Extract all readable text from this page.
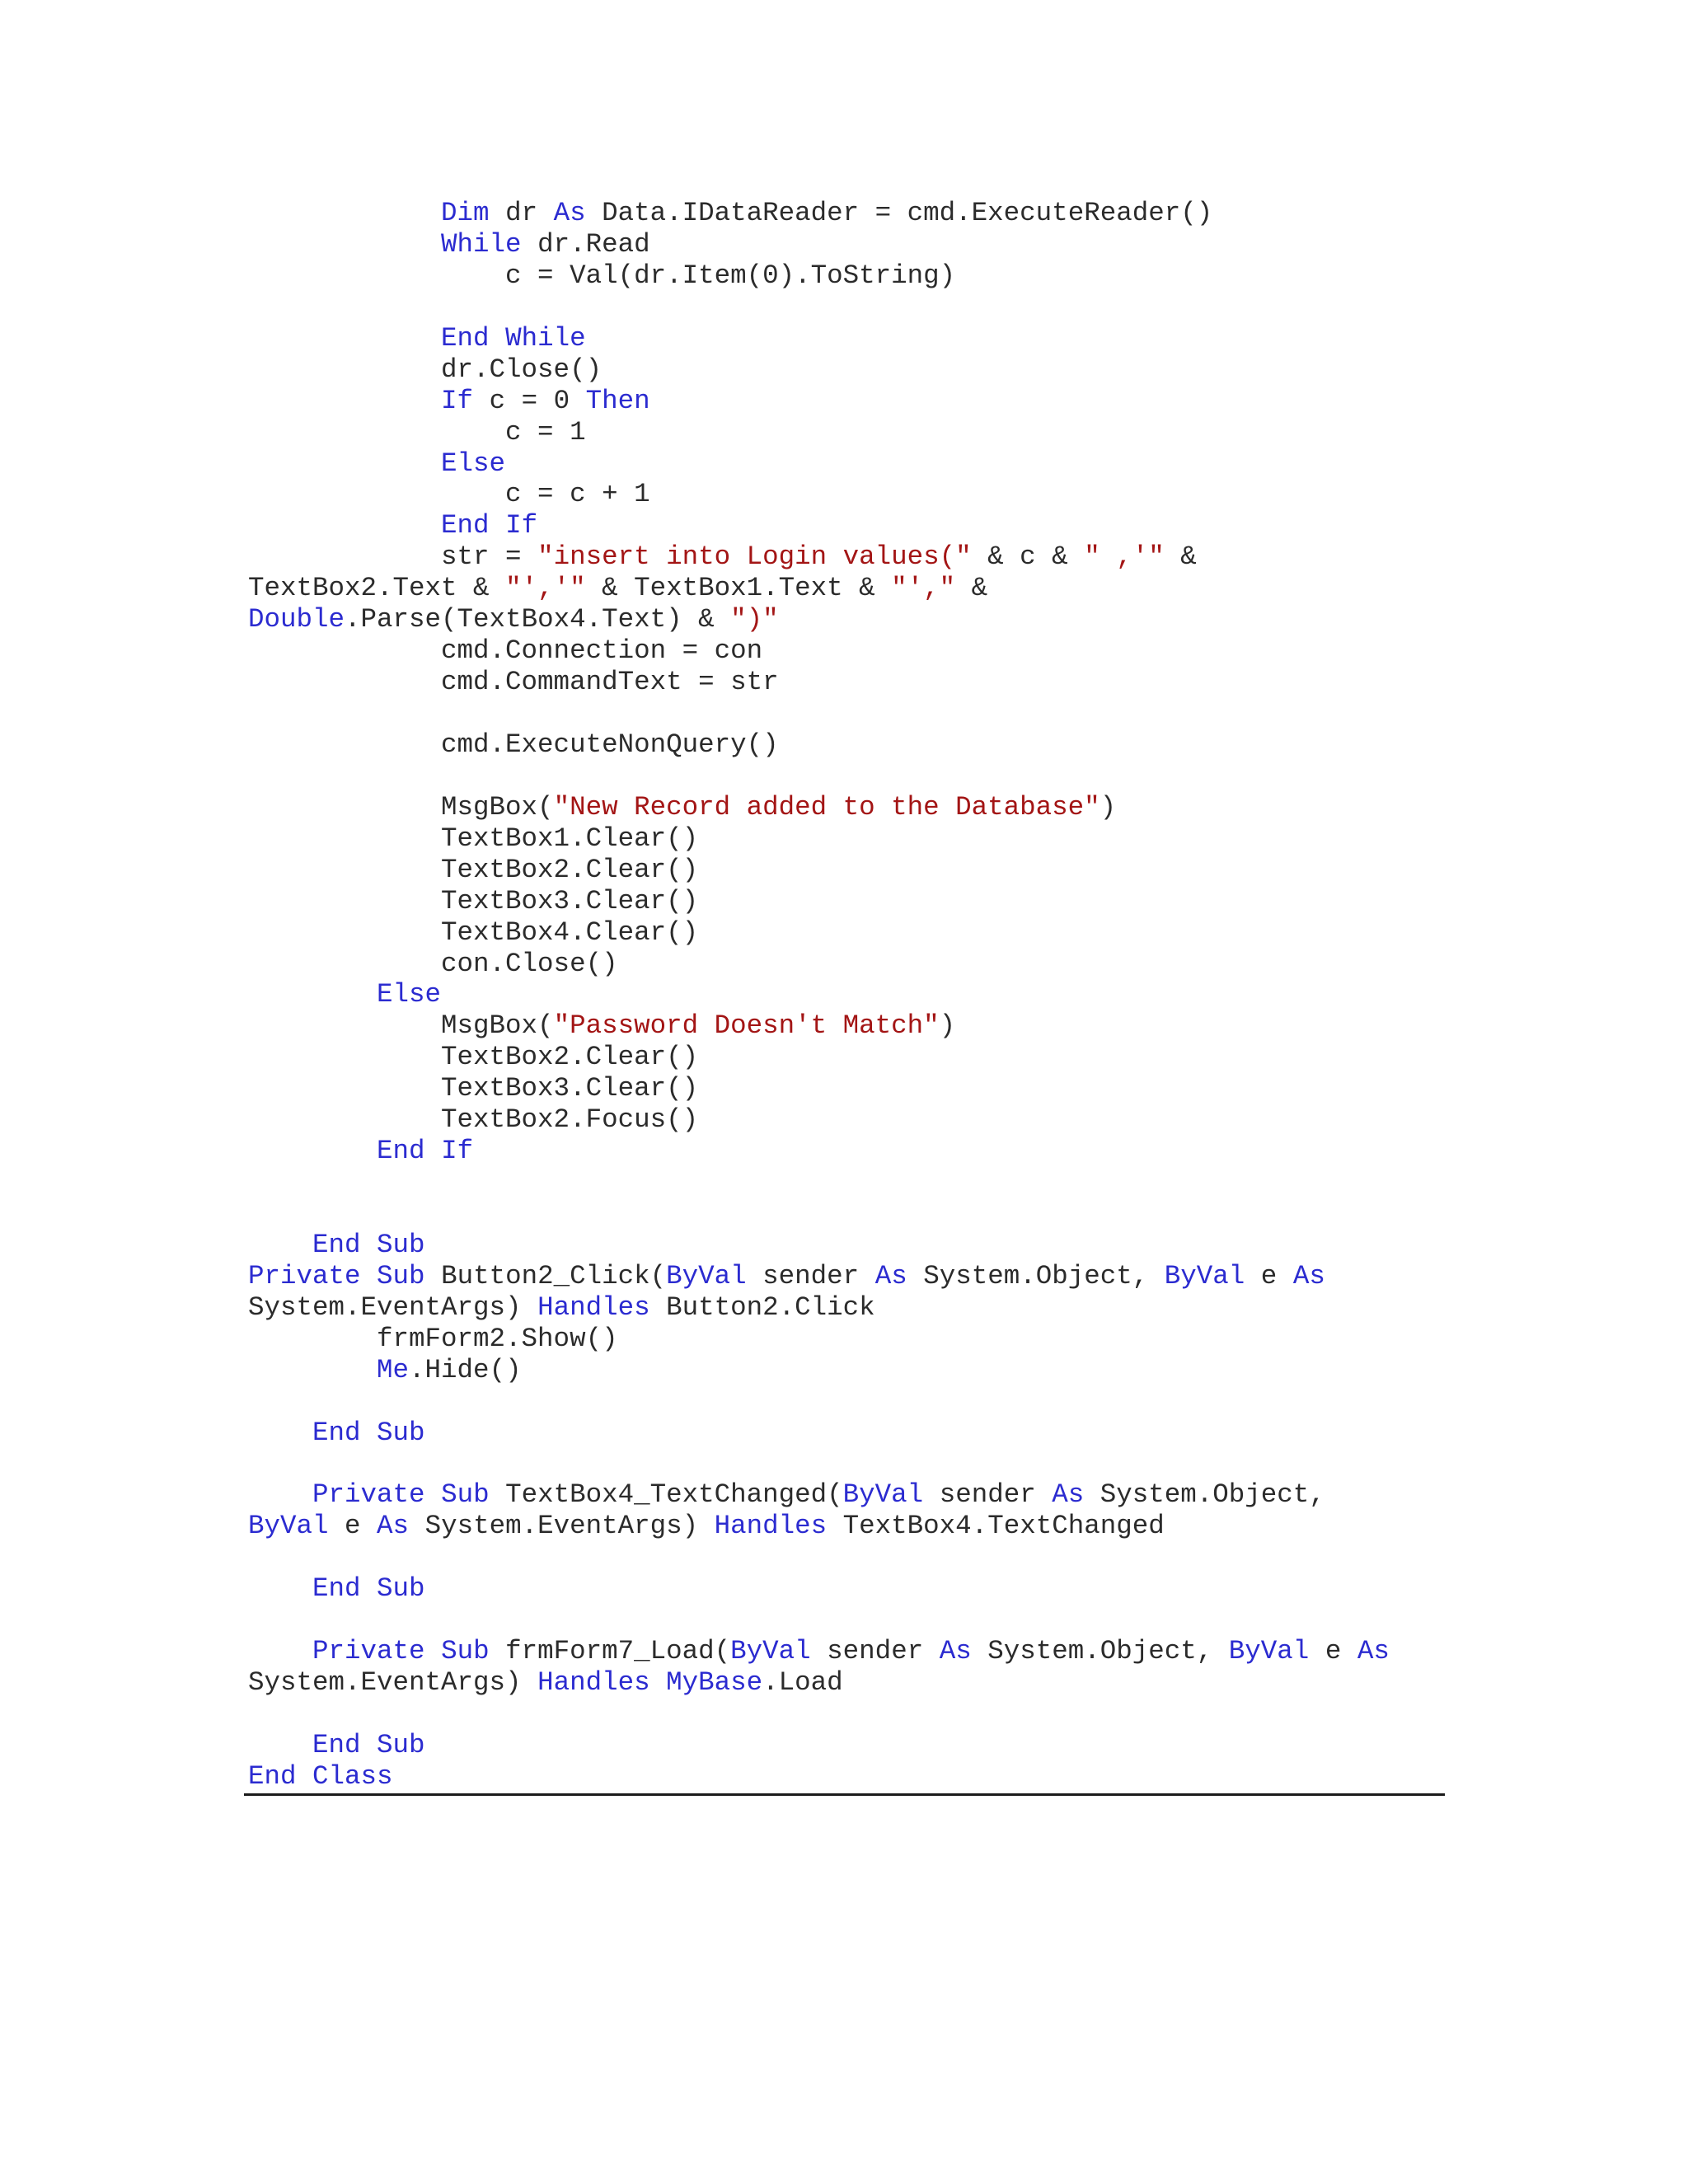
Dim dr As Data.IDataReader = cmd.ExecuteReader()
While dr.Read
c = Val(dr.Item(0).ToString)
End While
dr.Close()
If c = 0 Then
c = 1
Else
c = c + 1
End If
str = "insert into Login values(" & c & " ,'" &
TextBox2.Text & "','" & TextBox1.Text & "'," &
Double.Parse(TextBox4.Text) & ")"
cmd.Connection = con
cmd.CommandText = str
cmd.ExecuteNonQuery()
MsgBox("New Record added to the Database")
TextBox1.Clear()
TextBox2.Clear()
TextBox3.Clear()
TextBox4.Clear()
con.Close()
Else
MsgBox("Password Doesn't Match")
TextBox2.Clear()
TextBox3.Clear()
TextBox2.Focus()
End If
End Sub
Private Sub Button2_Click(ByVal sender As System.Object, ByVal e As
System.EventArgs) Handles Button2.Click
frmForm2.Show()
Me.Hide()
End Sub
Private Sub TextBox4_TextChanged(ByVal sender As System.Object,
ByVal e As System.EventArgs) Handles TextBox4.TextChanged
End Sub
Private Sub frmForm7_Load(ByVal sender As System.Object, ByVal e As
System.EventArgs) Handles MyBase.Load
End Sub
End Class
